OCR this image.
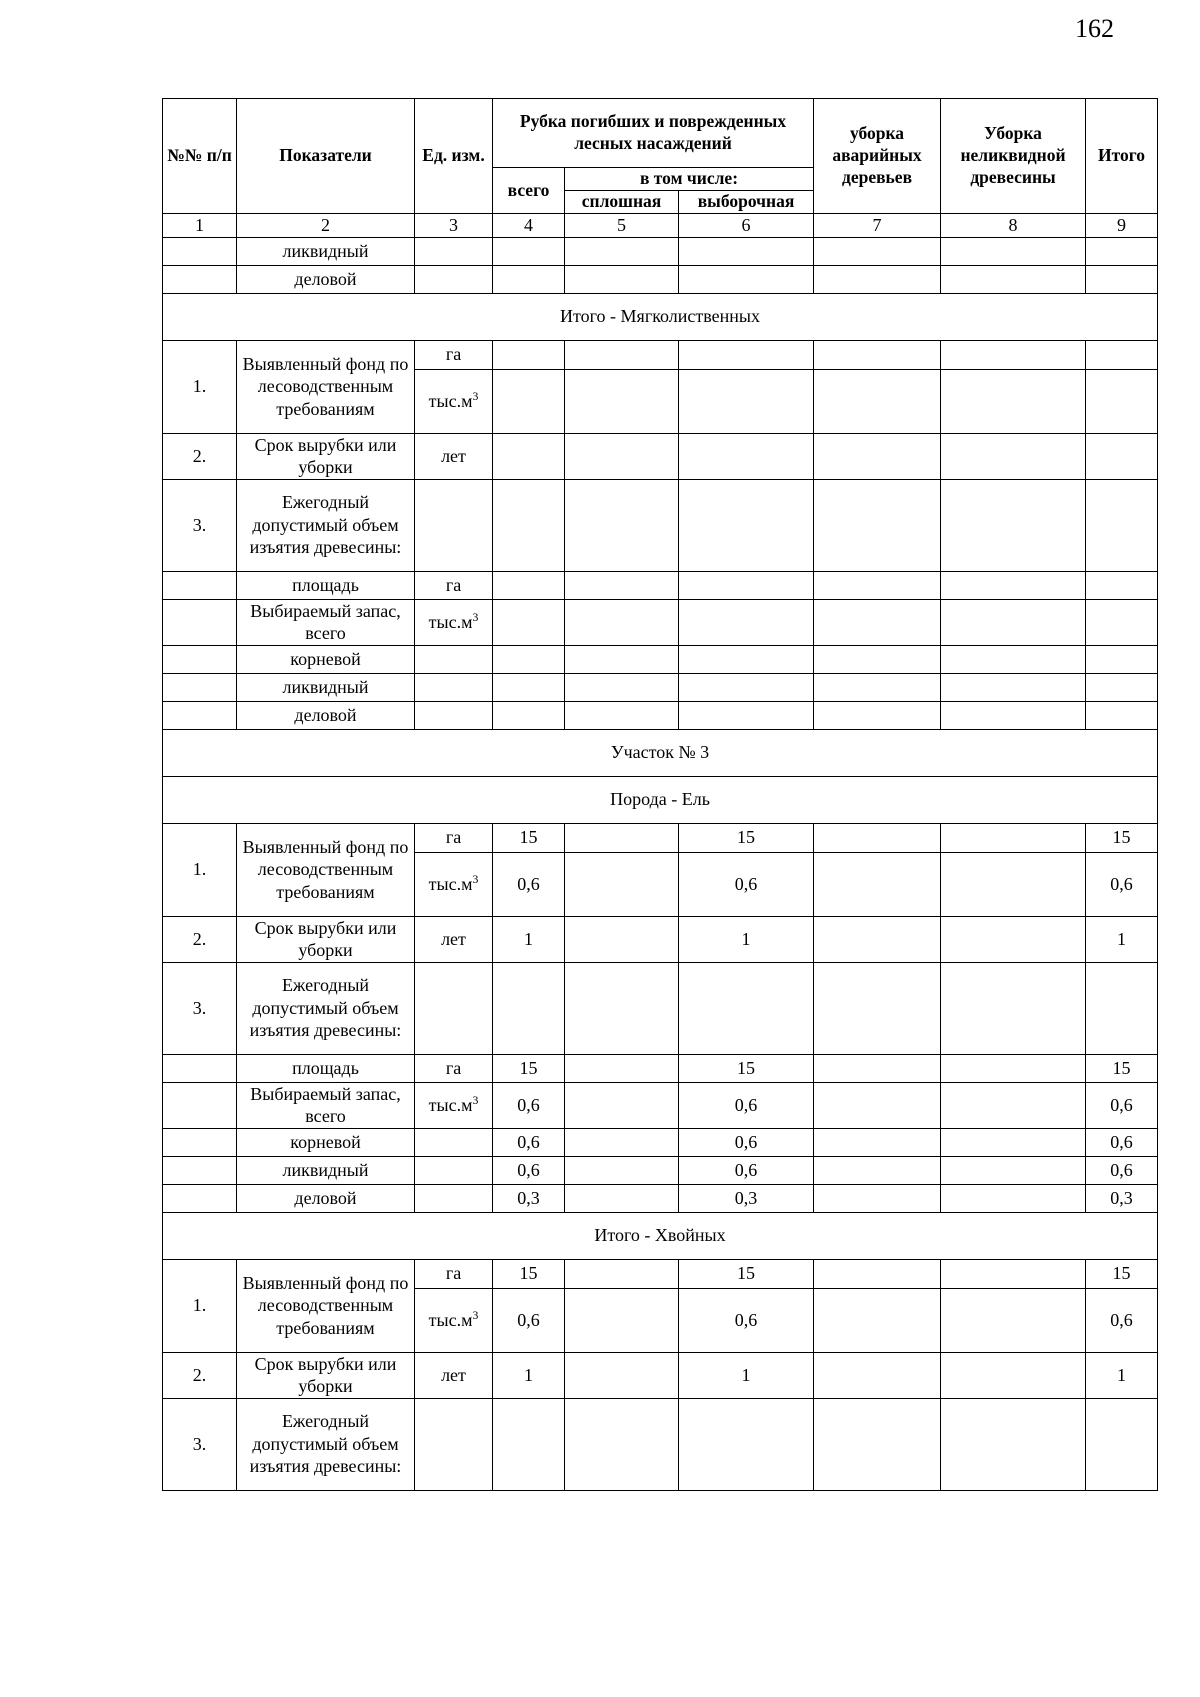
162
№№ п/п	Показатели	Ед. изм.	Рубка погибших и поврежденных лесных насаждений			уборка аварийных деревьев	Уборка неликвидной древесины	Итого
			всего	в том числе:				
				сплошная	выборочная			
1	2	3	4	5	6	7	8	9
	ликвидный							
	деловой							
Итого - Мягколиственных								
1.	Выявленный фонд по лесоводственным требованиям	га						
		$тыс.м^3$						
2.	Срок вырубки или уборки	лет						
3.	Ежегодный допустимый объем изъятия древесины:							
	площадь	га						
	Выбираемый запас, всего	$тыс.м^3$						
	корневой							
	ликвидный							
	деловой							
Участок № 3								
Порода - Ель								
1.	Выявленный фонд по лесоводственным требованиям	га	15		15			15
		$тыс.м^3$	0,6		0,6			0,6
2.	Срок вырубки или уборки	лет	1		1			1
3.	Ежегодный допустимый объем изъятия древесины:							
	площадь	га	15		15			15
	Выбираемый запас, всего	$тыс.м^3$	0,6		0,6			0,6
	корневой		0,6		0,6			0,6
	ликвидный		0,6		0,6			0,6
	деловой		0,3		0,3			0,3
Итого - Хвойных								
1.	Выявленный фонд по лесоводственным требованиям	га	15		15			15
		$тыс.м^3$	0,6		0,6			0,6
2.	Срок вырубки или уборки	лет	1		1			1
3.	Ежегодный допустимый объем изъятия древесины:							
